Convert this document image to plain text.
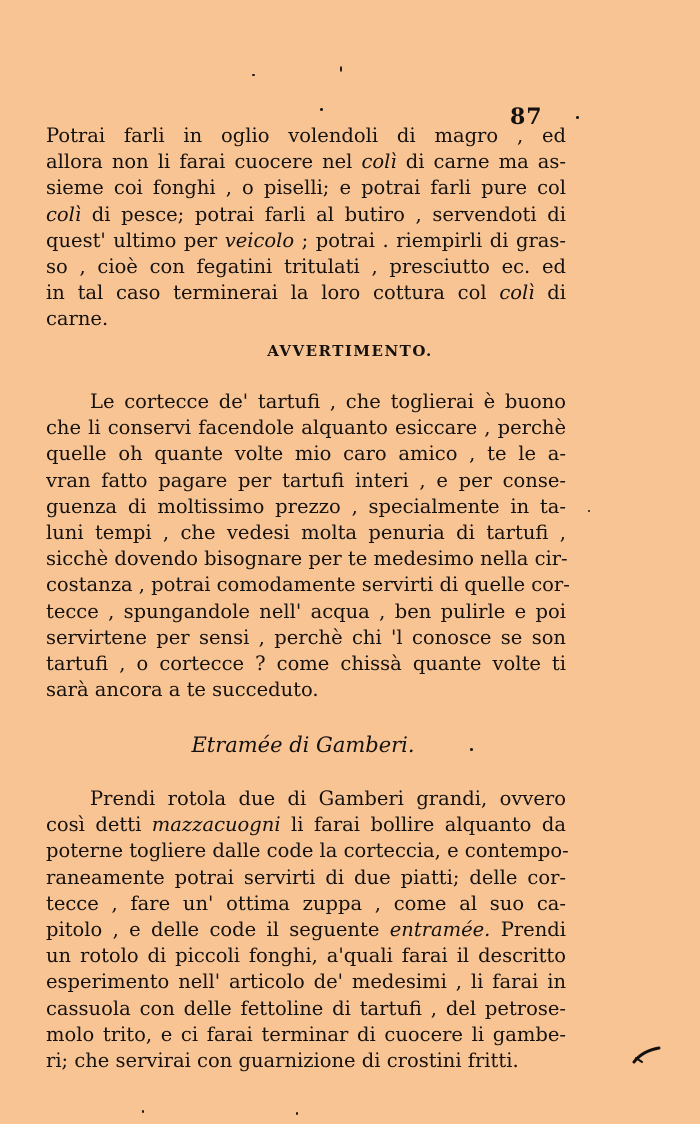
87
Potrai farli in oglio volendoli di magro , ed
allora non li farai cuocere nel colì di carne ma as-
sieme coi fonghi , o piselli; e potrai farli pure col
colì di pesce; potrai farli al butiro , servendoti di
quest' ultimo per veicolo ; potrai . riempirli di gras-
so , cioè con fegatini tritulati , presciutto ec. ed
in tal caso terminerai la loro cottura col colì di
carne.
AVVERTIMENTO.
Le cortecce de' tartufi , che toglierai è buono
che li conservi facendole alquanto esiccare , perchè
quelle oh quante volte mio caro amico , te le a-
vran fatto pagare per tartufi interi , e per conse-
guenza di moltissimo prezzo , specialmente in ta-
luni tempi , che vedesi molta penuria di tartufi ,
sicchè dovendo bisognare per te medesimo nella cir-
costanza , potrai comodamente servirti di quelle cor-
tecce , spungandole nell' acqua , ben pulirle e poi
servirtene per sensi , perchè chi 'l conosce se son
tartufi , o cortecce ? come chissà quante volte ti
sarà ancora a te succeduto.
Etramée di Gamberi.
Prendi rotola due di Gamberi grandi, ovvero
così detti mazzacuogni li farai bollire alquanto da
poterne togliere dalle code la corteccia, e contempo-
raneamente potrai servirti di due piatti; delle cor-
tecce , fare un' ottima zuppa , come al suo ca-
pitolo , e delle code il seguente entramée. Prendi
un rotolo di piccoli fonghi, a'quali farai il descritto
esperimento nell' articolo de' medesimi , li farai in
cassuola con delle fettoline di tartufi , del petrose-
molo trito, e ci farai terminar di cuocere li gambe-
ri; che servirai con guarnizione di crostini fritti.
